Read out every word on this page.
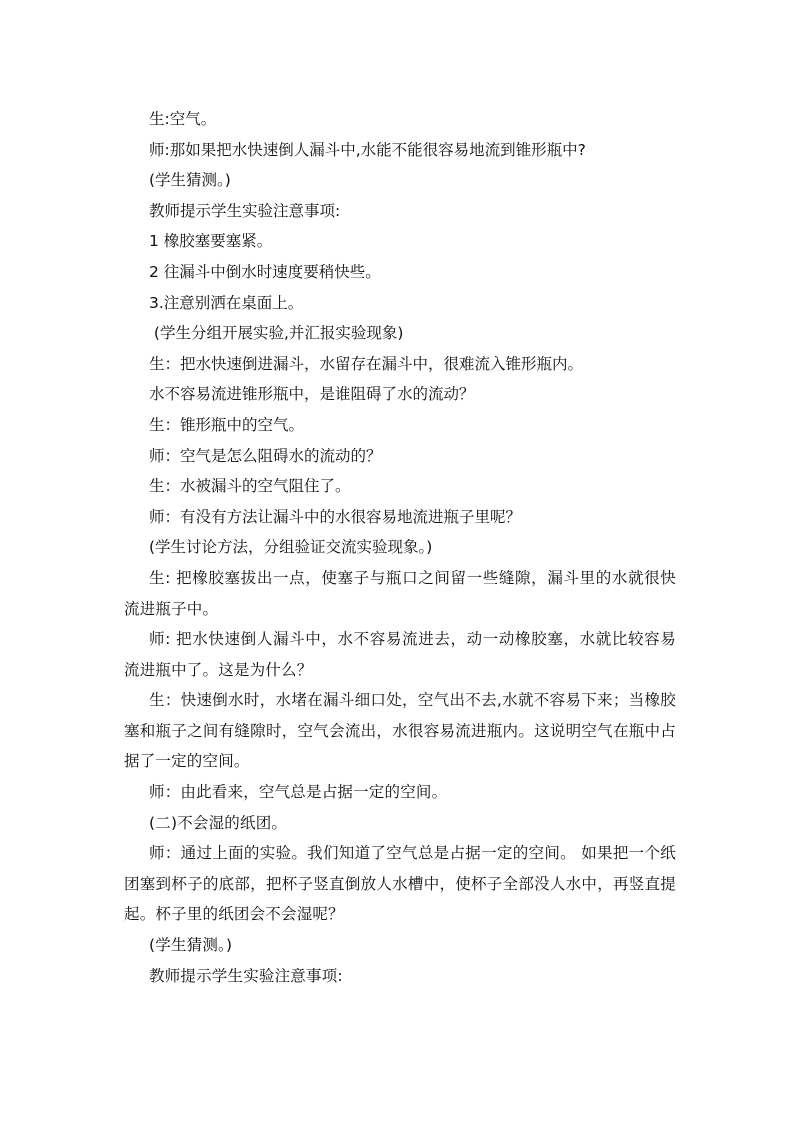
生:空气。

师:那如果把水快速倒人漏斗中,水能不能很容易地流到锥形瓶中?

(学生猜测。)

教师提示学生实验注意事项:

1 橡胶塞要塞紧。

2 往漏斗中倒水时速度要稍快些。

3.注意别洒在桌面上。

(学生分组开展实验,并汇报实验现象)

生：把水快速倒进漏斗，水留存在漏斗中，很难流入锥形瓶内。

水不容易流进锥形瓶中，是谁阻碍了水的流动？

生：锥形瓶中的空气。

师：空气是怎么阻碍水的流动的？

生：水被漏斗的空气阻住了。

师：有没有方法让漏斗中的水很容易地流进瓶子里呢？

(学生讨论方法，分组验证交流实验现象。)

生: 把橡胶塞拔出一点，使塞子与瓶口之间留一些缝隙，漏斗里的水就很快流进瓶子中。

师: 把水快速倒人漏斗中，水不容易流进去，动一动橡胶塞，水就比较容易流进瓶中了。这是为什么？

生：快速倒水时，水堵在漏斗细口处，空气出不去,水就不容易下来；当橡胶塞和瓶子之间有缝隙时，空气会流出，水很容易流进瓶内。这说明空气在瓶中占据了一定的空间。

师：由此看来，空气总是占据一定的空间。

(二)不会湿的纸团。

师：通过上面的实验。我们知道了空气总是占据一定的空间。 如果把一个纸团塞到杯子的底部，把杯子竖直倒放人水槽中，使杯子全部没人水中，再竖直提起。杯子里的纸团会不会湿呢？

(学生猜测。)

教师提示学生实验注意事项:
